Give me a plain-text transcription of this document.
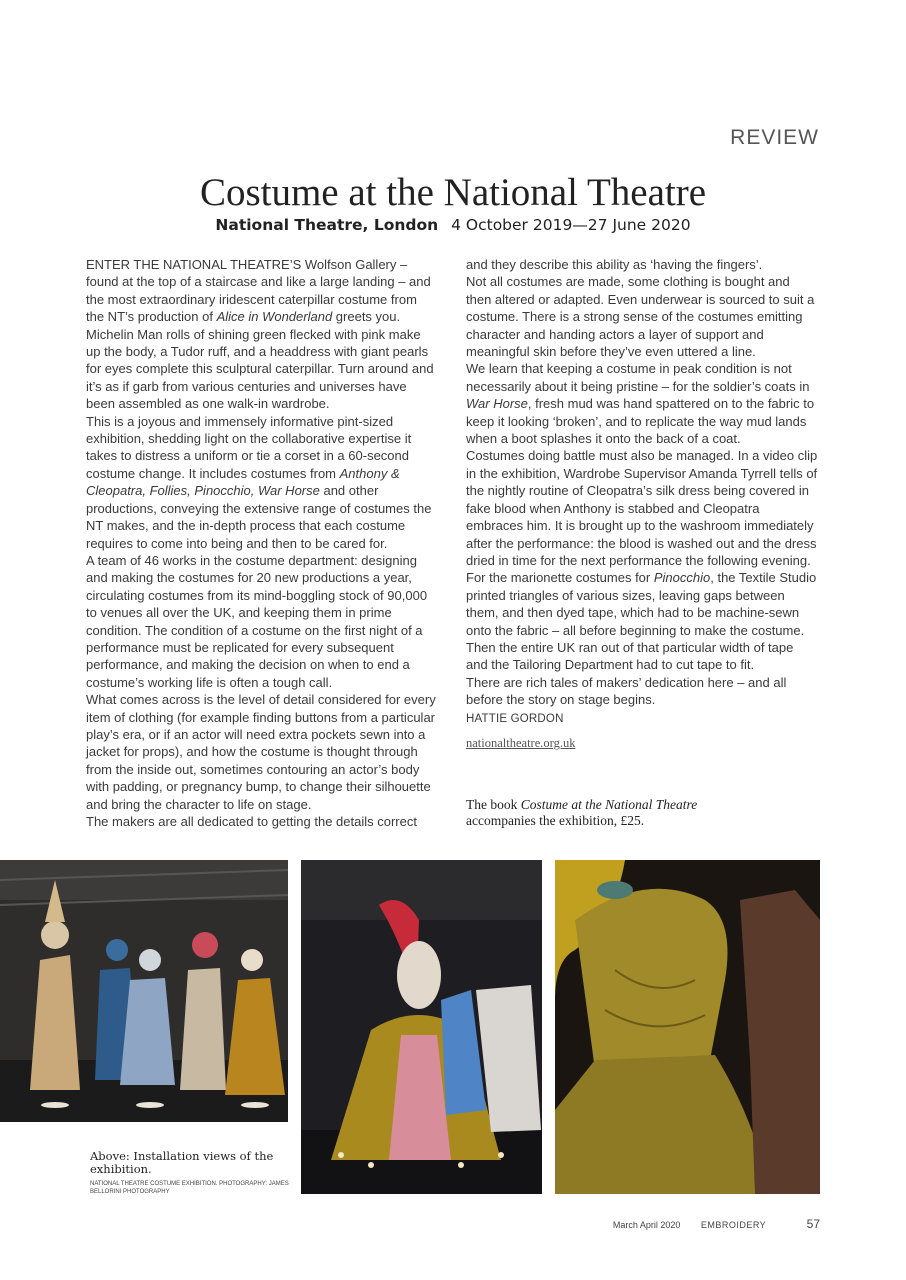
REVIEW
Costume at the National Theatre
National Theatre, London 4 October 2019—27 June 2020

ENTER THE NATIONAL THEATRE’S Wolfson Gallery – found at the top of a staircase and like a large landing – and the most extraordinary iridescent caterpillar costume from the NT’s production of Alice in Wonderland greets you. Michelin Man rolls of shining green flecked with pink make up the body, a Tudor ruff, and a headdress with giant pearls for eyes complete this sculptural caterpillar. Turn around and it’s as if garb from various centuries and universes have been assembled as one walk-in wardrobe.

This is a joyous and immensely informative pint-sized exhibition, shedding light on the collaborative expertise it takes to distress a uniform or tie a corset in a 60-second costume change. It includes costumes from Anthony & Cleopatra, Follies, Pinocchio, War Horse and other productions, conveying the extensive range of costumes the NT makes, and the in-depth process that each costume requires to come into being and then to be cared for.

A team of 46 works in the costume department: designing and making the costumes for 20 new productions a year, circulating costumes from its mind-boggling stock of 90,000 to venues all over the UK, and keeping them in prime condition. The condition of a costume on the first night of a performance must be replicated for every subsequent performance, and making the decision on when to end a costume’s working life is often a tough call.

What comes across is the level of detail considered for every item of clothing (for example finding buttons from a particular play’s era, or if an actor will need extra pockets sewn into a jacket for props), and how the costume is thought through from the inside out, sometimes contouring an actor’s body with padding, or pregnancy bump, to change their silhouette and bring the character to life on stage.

The makers are all dedicated to getting the details correct

and they describe this ability as ‘having the fingers’.

Not all costumes are made, some clothing is bought and then altered or adapted. Even underwear is sourced to suit a costume. There is a strong sense of the costumes emitting character and handing actors a layer of support and meaningful skin before they’ve even uttered a line.

We learn that keeping a costume in peak condition is not necessarily about it being pristine – for the soldier’s coats in War Horse, fresh mud was hand spattered on to the fabric to keep it looking ‘broken’, and to replicate the way mud lands when a boot splashes it onto the back of a coat.

Costumes doing battle must also be managed. In a video clip in the exhibition, Wardrobe Supervisor Amanda Tyrrell tells of the nightly routine of Cleopatra’s silk dress being covered in fake blood when Anthony is stabbed and Cleopatra embraces him. It is brought up to the washroom immediately after the performance: the blood is washed out and the dress dried in time for the next performance the following evening.

For the marionette costumes for Pinocchio, the Textile Studio printed triangles of various sizes, leaving gaps between them, and then dyed tape, which had to be machine-sewn onto the fabric – all before beginning to make the costume. Then the entire UK ran out of that particular width of tape and the Tailoring Department had to cut tape to fit.

There are rich tales of makers’ dedication here – and all before the story on stage begins.

HATTIE GORDON

nationaltheatre.org.uk
The book Costume at the National Theatre accompanies the exhibition, £25.
Above: Installation views of the exhibition.
NATIONAL THEATRE COSTUME EXHIBITION. PHOTOGRAPHY: JAMES BELLORINI PHOTOGRAPHY
March April 2020 EMBROIDERY	57
